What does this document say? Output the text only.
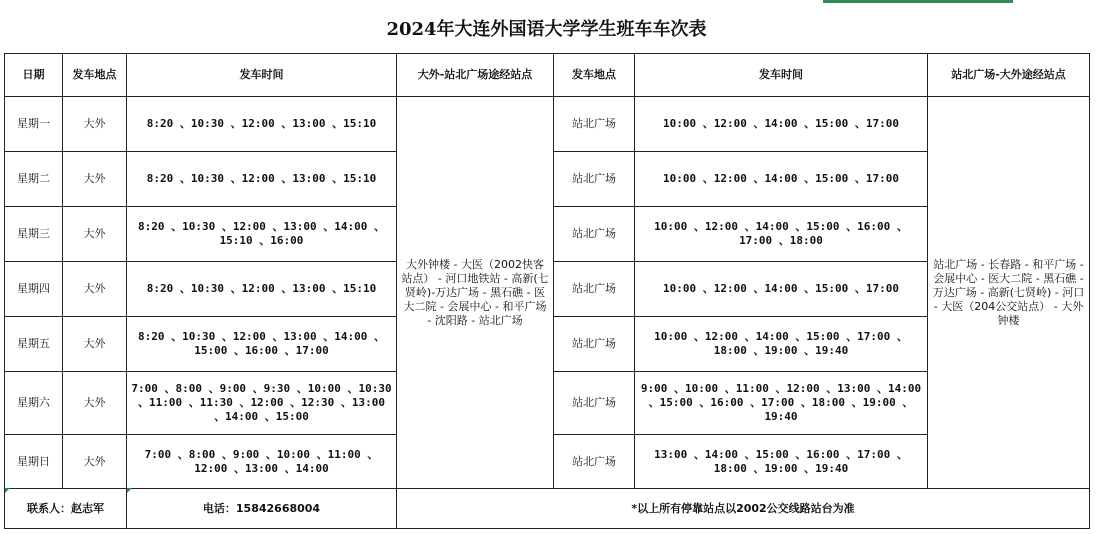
2024年大连外国语大学学生班车车次表
日期	发车地点	发车时间	大外-站北广场途经站点	发车地点	发车时间	站北广场-大外途经站点
星期一	大外	8:20 、10:30 、12:00 、13:00 、15:10	大外钟楼 - 大医（2002快客站点） - 河口地铁站 - 高新(七贤岭)-万达广场 - 黑石礁 - 医大二院 - 会展中心 - 和平广场 - 沈阳路 - 站北广场	站北广场	10:00 、12:00 、14:00 、15:00 、17:00	站北广场 - 长春路 - 和平广场 - 会展中心 - 医大二院 - 黑石礁 - 万达广场 - 高新(七贤岭) - 河口 - 大医（204公交站点） - 大外钟楼
星期二	大外	8:20 、10:30 、12:00 、13:00 、15:10		站北广场	10:00 、12:00 、14:00 、15:00 、17:00	
星期三	大外	8:20 、10:30 、12:00 、13:00 、14:00 、15:10 、16:00		站北广场	10:00 、12:00 、14:00 、15:00 、16:00 、17:00 、18:00	
星期四	大外	8:20 、10:30 、12:00 、13:00 、15:10		站北广场	10:00 、12:00 、14:00 、15:00 、17:00	
星期五	大外	8:20 、10:30 、12:00 、13:00 、14:00 、15:00 、16:00 、17:00		站北广场	10:00 、12:00 、14:00 、15:00 、17:00 、18:00 、19:00 、19:40	
星期六	大外	7:00 、8:00 、9:00 、9:30 、10:00 、10:30 、11:00 、11:30 、12:00 、12:30 、13:00 、14:00 、15:00		站北广场	9:00 、10:00 、11:00 、12:00 、13:00 、14:00 、15:00 、16:00 、17:00 、18:00 、19:00 、19:40	
星期日	大外	7:00 、8:00 、9:00 、10:00 、11:00 、12:00 、13:00 、14:00		站北广场	13:00 、14:00 、15:00 、16:00 、17:00 、18:00 、19:00 、19:40	
联系人：赵志军		电话：15842668004	*以上所有停靠站点以2002公交线路站台为准			
